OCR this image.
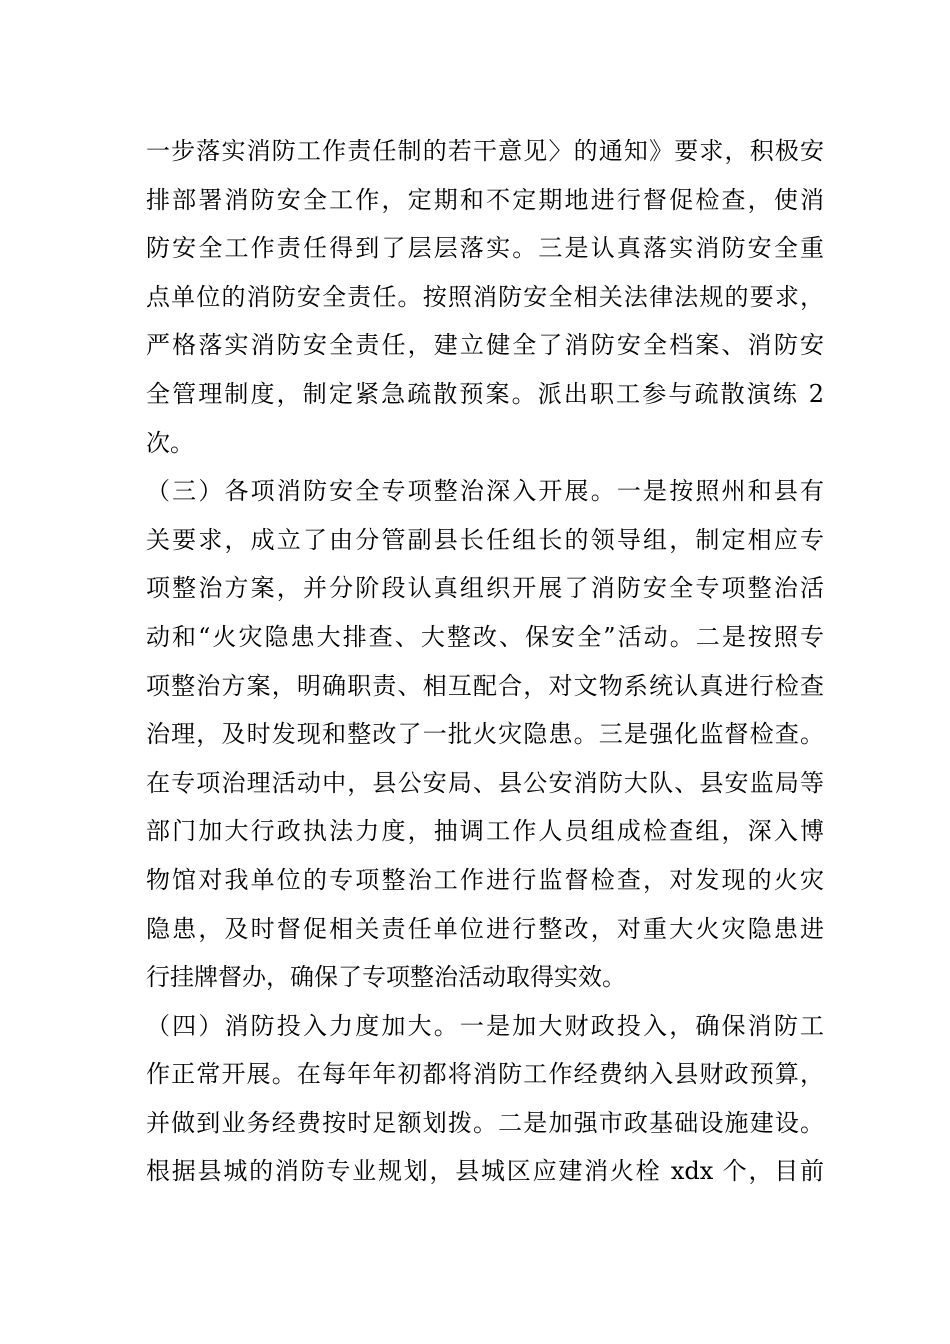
一步落实消防工作责任制的若干意见〉的通知》要求，积极安
排部署消防安全工作，定期和不定期地进行督促检查，使消
防安全工作责任得到了层层落实。三是认真落实消防安全重
点单位的消防安全责任。按照消防安全相关法律法规的要求，
严格落实消防安全责任，建立健全了消防安全档案、消防安
全管理制度，制定紧急疏散预案。派出职工参与疏散演练 2
次。
（三）各项消防安全专项整治深入开展。一是按照州和县有
关要求，成立了由分管副县长任组长的领导组，制定相应专
项整治方案，并分阶段认真组织开展了消防安全专项整治活
动和“火灾隐患大排查、大整改、保安全”活动。二是按照专
项整治方案，明确职责、相互配合，对文物系统认真进行检查
治理，及时发现和整改了一批火灾隐患。三是强化监督检查。
在专项治理活动中，县公安局、县公安消防大队、县安监局等
部门加大行政执法力度，抽调工作人员组成检查组，深入博
物馆对我单位的专项整治工作进行监督检查，对发现的火灾
隐患，及时督促相关责任单位进行整改，对重大火灾隐患进
行挂牌督办，确保了专项整治活动取得实效。
（四）消防投入力度加大。一是加大财政投入，确保消防工
作正常开展。在每年年初都将消防工作经费纳入县财政预算，
并做到业务经费按时足额划拨。二是加强市政基础设施建设。
根据县城的消防专业规划，县城区应建消火栓 xdx 个，目前
